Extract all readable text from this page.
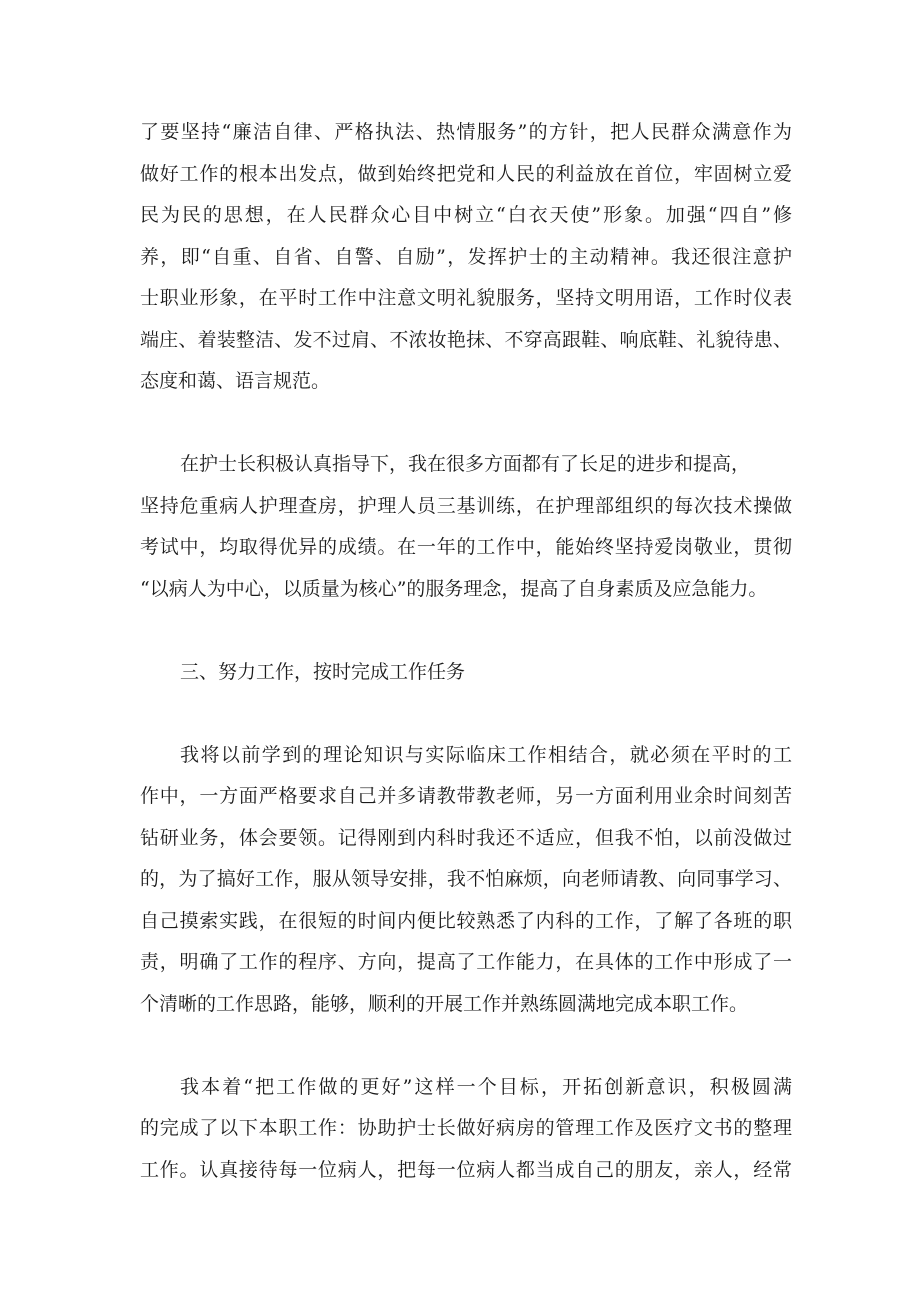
了要坚持“廉洁自律、严格执法、热情服务”的方针，把人民群众满意作为
做好工作的根本出发点，做到始终把党和人民的利益放在首位，牢固树立爱
民为民的思想，在人民群众心目中树立“白衣天使”形象。加强“四自”修
养，即“自重、自省、自警、自励”，发挥护士的主动精神。我还很注意护
士职业形象，在平时工作中注意文明礼貌服务，坚持文明用语，工作时仪表
端庄、着装整洁、发不过肩、不浓妆艳抹、不穿高跟鞋、响底鞋、礼貌待患、
态度和蔼、语言规范。
在护士长积极认真指导下，我在很多方面都有了长足的进步和提高，
坚持危重病人护理查房，护理人员三基训练，在护理部组织的每次技术操做
考试中，均取得优异的成绩。在一年的工作中，能始终坚持爱岗敬业，贯彻
“以病人为中心，以质量为核心”的服务理念，提高了自身素质及应急能力。
三、努力工作，按时完成工作任务
我将以前学到的理论知识与实际临床工作相结合，就必须在平时的工
作中，一方面严格要求自己并多请教带教老师，另一方面利用业余时间刻苦
钻研业务，体会要领。记得刚到内科时我还不适应，但我不怕，以前没做过
的，为了搞好工作，服从领导安排，我不怕麻烦，向老师请教、向同事学习、
自己摸索实践，在很短的时间内便比较熟悉了内科的工作，了解了各班的职
责，明确了工作的程序、方向，提高了工作能力，在具体的工作中形成了一
个清晰的工作思路，能够，顺利的开展工作并熟练圆满地完成本职工作。
我本着“把工作做的更好”这样一个目标，开拓创新意识，积极圆满
的完成了以下本职工作：协助护士长做好病房的管理工作及医疗文书的整理
工作。认真接待每一位病人，把每一位病人都当成自己的朋友，亲人，经常
